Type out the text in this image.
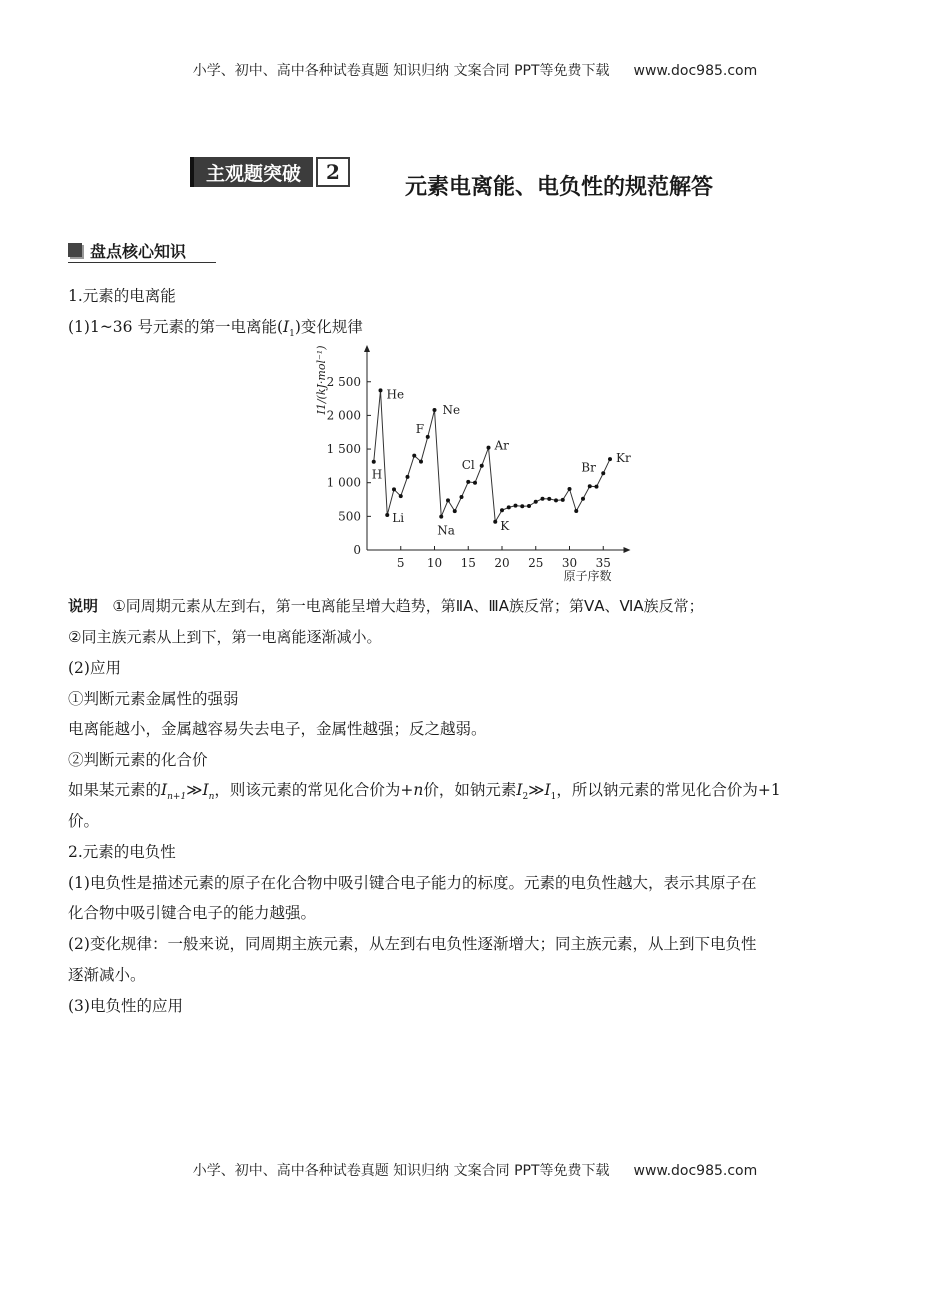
小学、初中、高中各种试卷真题 知识归纳 文案合同 PPT等免费下载 www.doc985.com
主观题突破	2
元素电离能、电负性的规范解答
盘点核心知识
1.元素的电离能
(1)1~36 号元素的第一电离能$(I_1)$变化规律
0
500
1 000
1 500
2 000
2 500
5 10 15 20 25 30 35
原子序数
I1/(kJ·mol⁻¹)
H
He
Li
F
Ne
Na
Cl
Ar
K
Br
Kr
说明 ①同周期元素从左到右，第一电离能呈增大趋势，第ⅡA、ⅢA族反常；第ⅤA、ⅥA族反常；
②同主族元素从上到下，第一电离能逐渐减小。
(2)应用
①判断元素金属性的强弱
电离能越小，金属越容易失去电子，金属性越强；反之越弱。
②判断元素的化合价
如果某元素的$I_{n+1}≫I_n$，则该元素的常见化合价为+n价，如钠元素$I_2≫I_1$，所以钠元素的常见化合价为+1
价。
2.元素的电负性
(1)电负性是描述元素的原子在化合物中吸引键合电子能力的标度。元素的电负性越大，表示其原子在
化合物中吸引键合电子的能力越强。
(2)变化规律：一般来说，同周期主族元素，从左到右电负性逐渐增大；同主族元素，从上到下电负性
逐渐减小。
(3)电负性的应用
小学、初中、高中各种试卷真题 知识归纳 文案合同 PPT等免费下载 www.doc985.com
